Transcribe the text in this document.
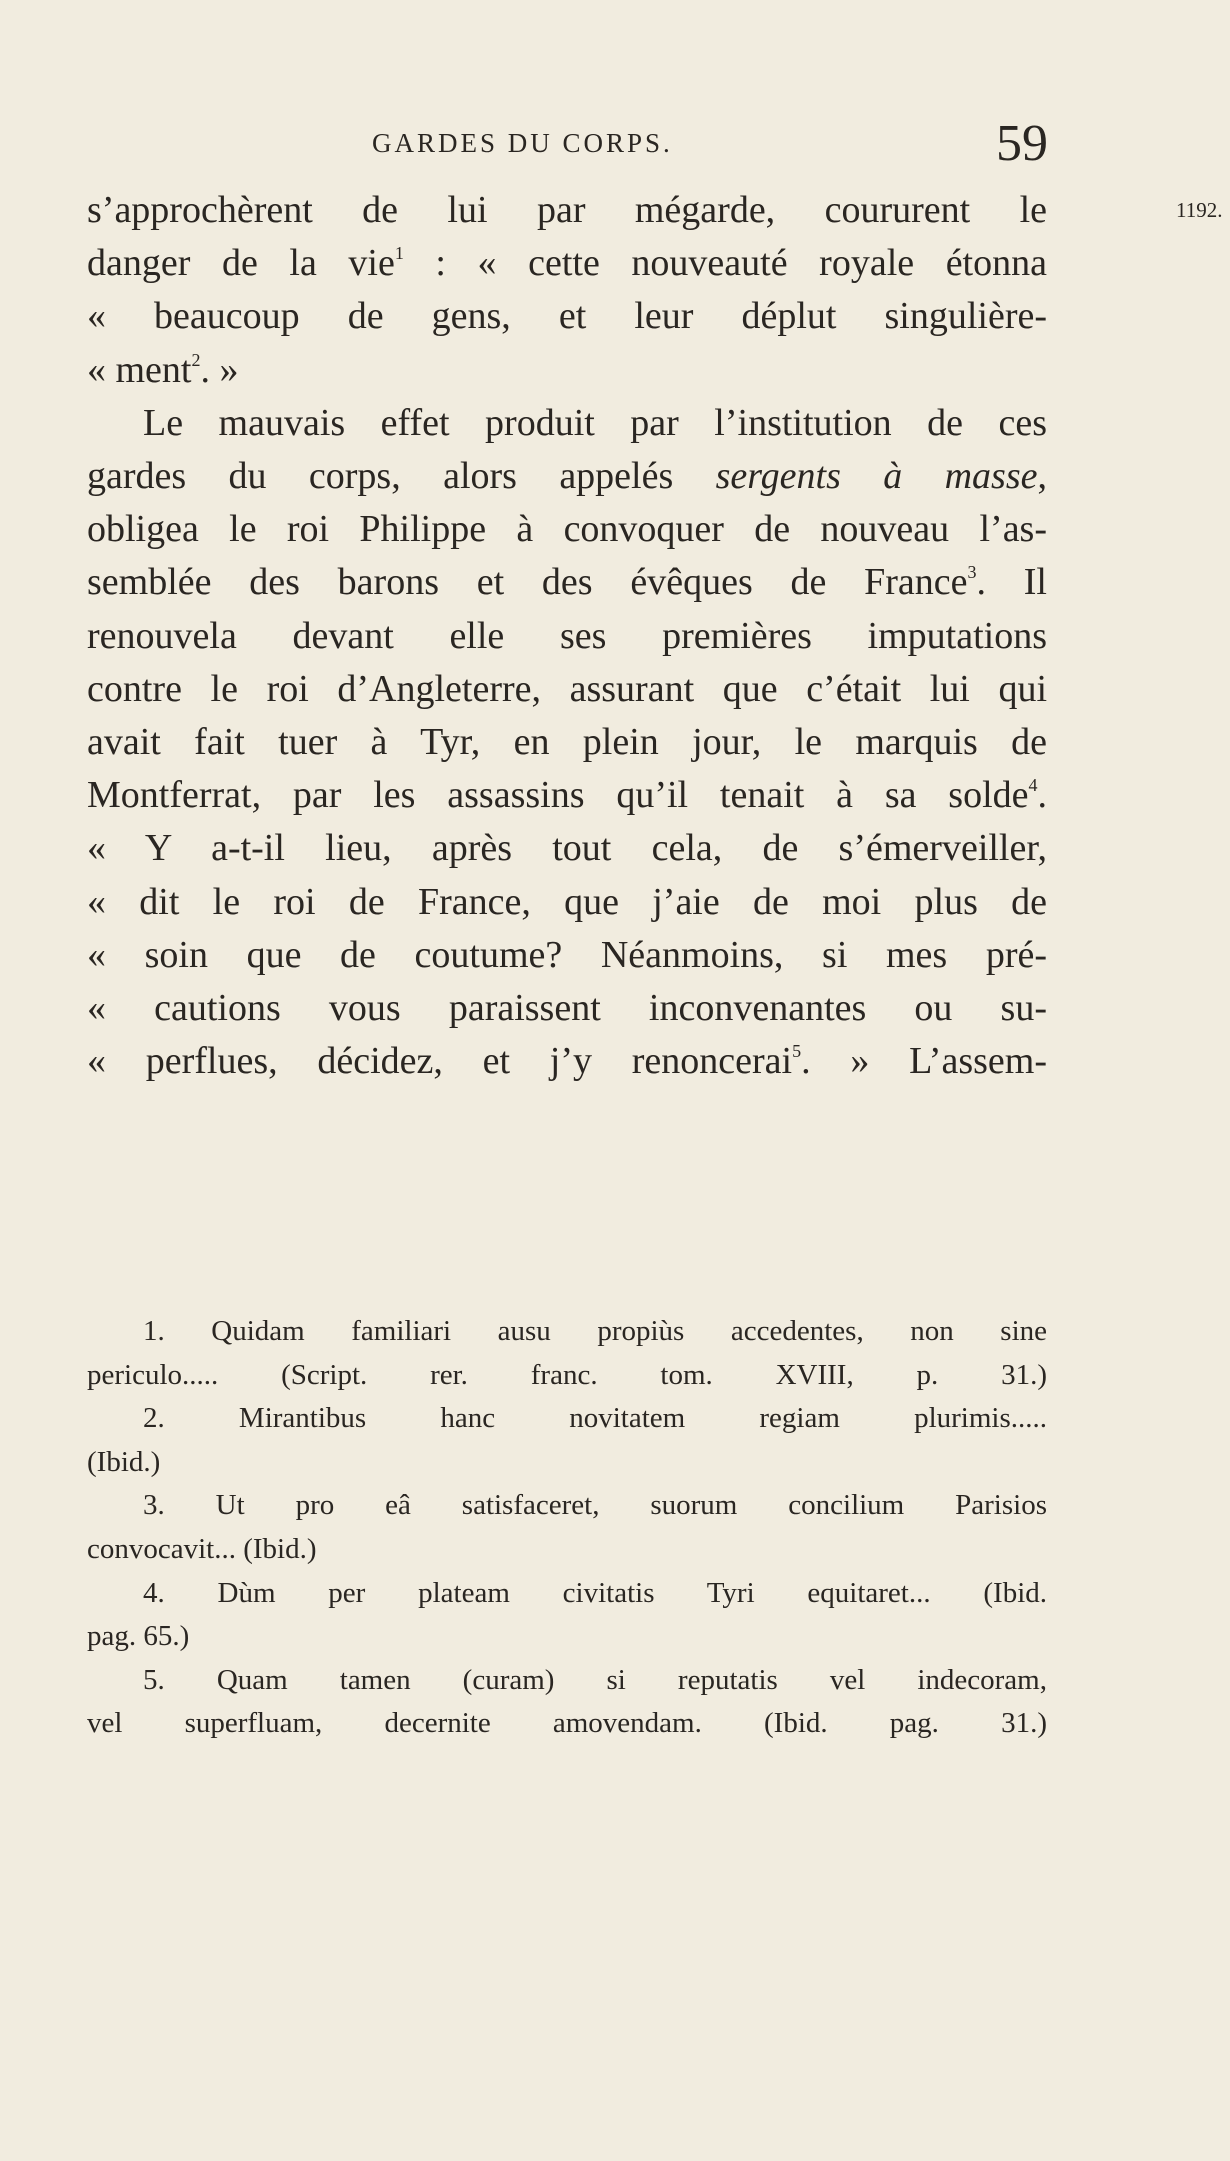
GARDES DU CORPS.	59
1192.
s’approchèrent de lui par mégarde, coururent le
danger de la vie$^1$ : « cette nouveauté royale étonna
« beaucoup de gens, et leur déplut singulière-
« ment$^2$. »
Le mauvais effet produit par l’institution de ces
gardes du corps, alors appelés sergents à masse,
obligea le roi Philippe à convoquer de nouveau l’as-
semblée des barons et des évêques de France$^3$. Il
renouvela devant elle ses premières imputations
contre le roi d’Angleterre, assurant que c’était lui qui
avait fait tuer à Tyr, en plein jour, le marquis de
Montferrat, par les assassins qu’il tenait à sa solde$^4$.
« Y a-t-il lieu, après tout cela, de s’émerveiller,
« dit le roi de France, que j’aie de moi plus de
« soin que de coutume? Néanmoins, si mes pré-
« cautions vous paraissent inconvenantes ou su-
« perflues, décidez, et j’y renoncerai$^5$. » L’assem-
1. Quidam familiari ausu propiùs accedentes, non sine
periculo..... (Script. rer. franc. tom. XVIII, p. 31.)
2. Mirantibus hanc novitatem regiam plurimis.....
(Ibid.)
3. Ut pro eâ satisfaceret, suorum concilium Parisios
convocavit... (Ibid.)
4. Dùm per plateam civitatis Tyri equitaret... (Ibid.
pag. 65.)
5. Quam tamen (curam) si reputatis vel indecoram,
vel superfluam, decernite amovendam. (Ibid. pag. 31.)
